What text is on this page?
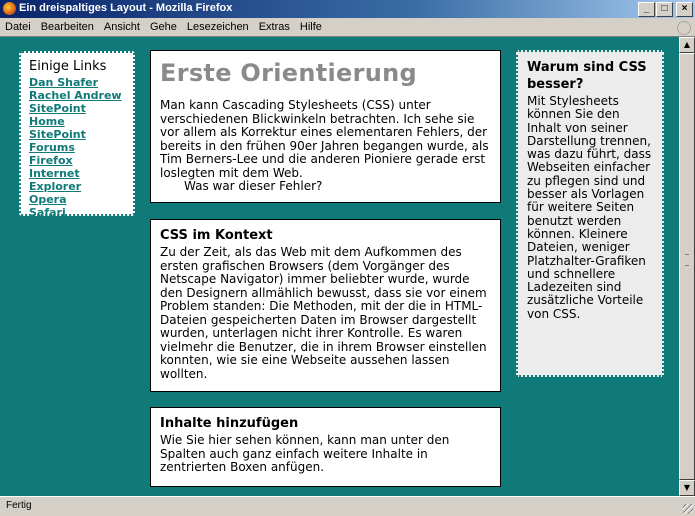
Ein dreispaltiges Layout - Mozilla Firefox	_	□	×
Datei Bearbeiten Ansicht Gehe Lesezeichen Extras Hilfe
Einige Links
Dan Shafer
Rachel Andrew
SitePoint Home
SitePoint
Forums
Firefox
Internet
Explorer
Opera
Safari
Erste Orientierung

Man kann Cascading Stylesheets (CSS) unter verschiedenen Blickwinkeln betrachten. Ich sehe sie vor allem als Korrektur eines elementaren Fehlers, der bereits in den frühen 90er Jahren begangen wurde, als Tim Berners-Lee und die anderen Pioniere gerade erst loslegten mit dem Web.
Was war dieser Fehler?

CSS im Kontext

Zu der Zeit, als das Web mit dem Aufkommen des ersten grafischen Browsers (dem Vorgänger des Netscape Navigator) immer beliebter wurde, wurde den Designern allmählich bewusst, dass sie vor einem Problem standen: Die Methoden, mit der die in HTML-Dateien gespeicherten Daten im Browser dargestellt wurden, unterlagen nicht ihrer Kontrolle. Es waren vielmehr die Benutzer, die in ihrem Browser einstellen konnten, wie sie eine Webseite aussehen lassen wollten.

Inhalte hinzufügen

Wie Sie hier sehen können, kann man unter den Spalten auch ganz einfach weitere Inhalte in zentrierten Boxen anfügen.

Warum sind CSS besser?

Mit Stylesheets können Sie den Inhalt von seiner Darstellung trennen, was dazu führt, dass Webseiten einfacher zu pflegen sind und besser als Vorlagen für weitere Seiten benutzt werden können. Kleinere Dateien, weniger Platzhalter-Grafiken und schnellere Ladezeiten sind zusätzliche Vorteile von CSS.

▲
▼
Fertig
